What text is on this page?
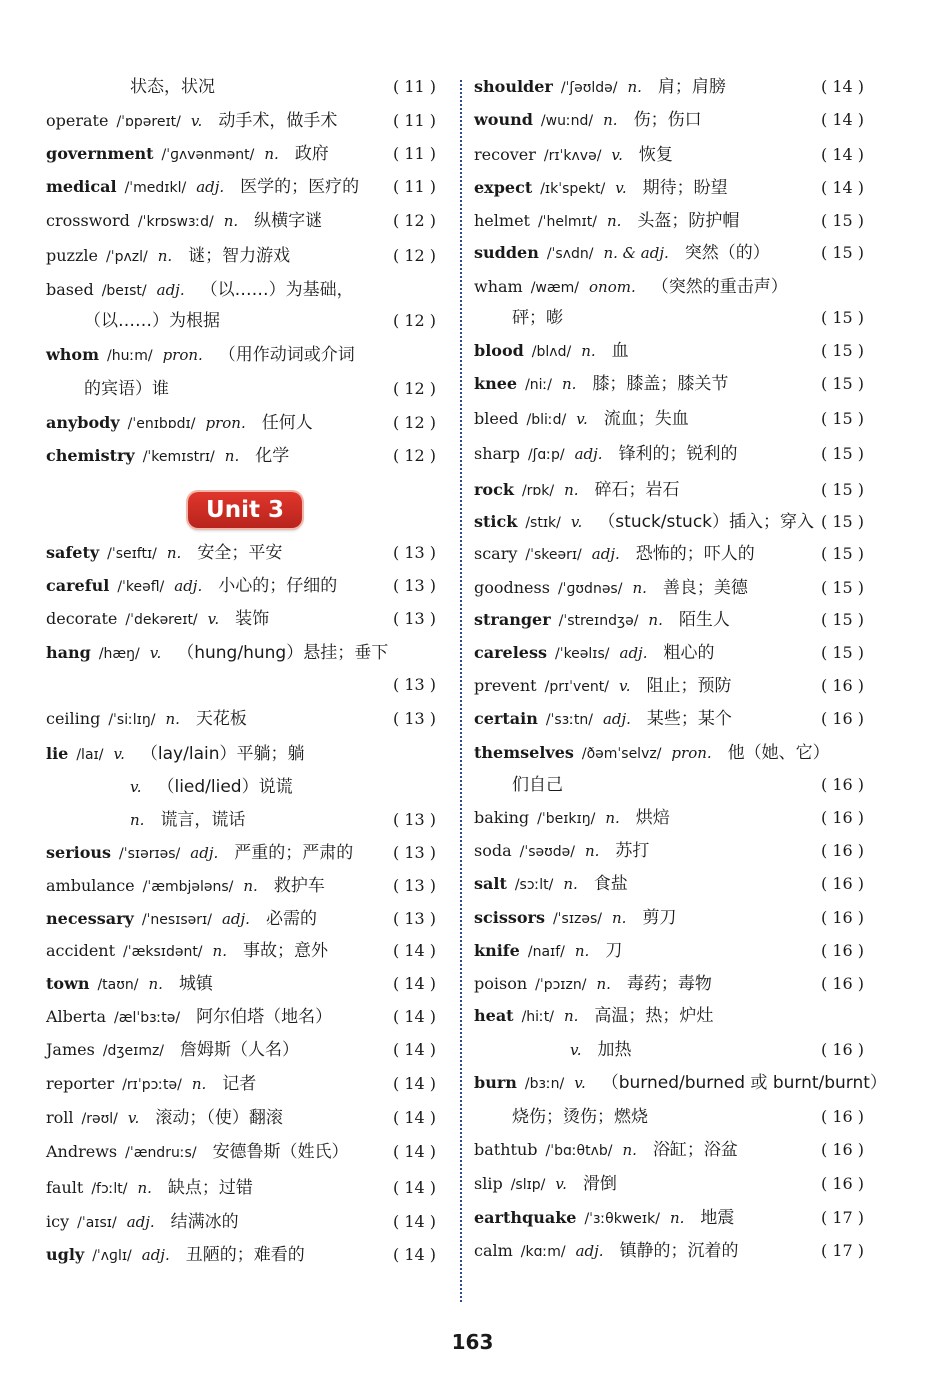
状态，状况	( 11 )
operate /ˈɒpəreɪt/ v. 动手术，做手术	( 11 )
government /ˈɡʌvənmənt/ n. 政府	( 11 )
medical /ˈmedɪkl/ adj. 医学的；医疗的 ( 11 )
crossword /ˈkrɒswɜːd/ n. 纵横字谜	( 12 )
puzzle /ˈpʌzl/ n. 谜；智力游戏	( 12 )
based /beɪst/ adj. （以……）为基础，
（以……）为根据	( 12 )
whom /huːm/ pron. （用作动词或介词
的宾语）谁	( 12 )
anybody /ˈenɪbɒdɪ/ pron. 任何人	( 12 )
chemistry /ˈkemɪstrɪ/ n. 化学	( 12 )
safety /ˈseɪftɪ/ n. 安全；平安	( 13 )
careful /ˈkeəfl/ adj. 小心的；仔细的	( 13 )
decorate /ˈdekəreɪt/ v. 装饰	( 13 )
hang /hæŋ/ v. （hung/hung）悬挂；垂下
( 13 )
ceiling /ˈsiːlɪŋ/ n. 天花板	( 13 )
lie /laɪ/ v. （lay/lain）平躺；躺
v. （lied/lied）说谎
n. 谎言，谎话	( 13 )
serious /ˈsɪərɪəs/ adj. 严重的；严肃的 ( 13 )
ambulance /ˈæmbjələns/ n. 救护车	( 13 )
necessary /ˈnesɪsərɪ/ adj. 必需的	( 13 )
accident /ˈæksɪdənt/ n. 事故；意外	( 14 )
town /taʊn/ n. 城镇	( 14 )
Alberta /ælˈbɜːtə/ 阿尔伯塔（地名）	( 14 )
James /dʒeɪmz/ 詹姆斯（人名）	( 14 )
reporter /rɪˈpɔːtə/ n. 记者	( 14 )
roll /rəʊl/ v. 滚动；（使）翻滚	( 14 )
Andrews /ˈændruːs/ 安德鲁斯（姓氏）	( 14 )
fault /fɔːlt/ n. 缺点；过错	( 14 )
icy /ˈaɪsɪ/ adj. 结满冰的	( 14 )
ugly /ˈʌɡlɪ/ adj. 丑陋的；难看的	( 14 )
shoulder /ˈʃəʊldə/ n. 肩；肩膀	( 14 )
wound /wuːnd/ n. 伤；伤口	( 14 )
recover /rɪˈkʌvə/ v. 恢复	( 14 )
expect /ɪkˈspekt/ v. 期待；盼望	( 14 )
helmet /ˈhelmɪt/ n. 头盔；防护帽	( 15 )
sudden /ˈsʌdn/ n. & adj. 突然（的）	( 15 )
wham /wæm/ onom. （突然的重击声）
砰；嘭	( 15 )
blood /blʌd/ n. 血	( 15 )
knee /niː/ n. 膝；膝盖；膝关节	( 15 )
bleed /bliːd/ v. 流血；失血	( 15 )
sharp /ʃɑːp/ adj. 锋利的；锐利的	( 15 )
rock /rɒk/ n. 碎石；岩石	( 15 )
stick /stɪk/ v. （stuck/stuck）插入；穿入 ( 15 )
scary /ˈskeərɪ/ adj. 恐怖的；吓人的	( 15 )
goodness /ˈɡʊdnəs/ n. 善良；美德	( 15 )
stranger /ˈstreɪndʒə/ n. 陌生人	( 15 )
careless /ˈkeəlɪs/ adj. 粗心的	( 15 )
prevent /prɪˈvent/ v. 阻止；预防	( 16 )
certain /ˈsɜːtn/ adj. 某些；某个	( 16 )
themselves /ðəmˈselvz/ pron. 他（她、它）
们自己	( 16 )
baking /ˈbeɪkɪŋ/ n. 烘焙	( 16 )
soda /ˈsəʊdə/ n. 苏打	( 16 )
salt /sɔːlt/ n. 食盐	( 16 )
scissors /ˈsɪzəs/ n. 剪刀	( 16 )
knife /naɪf/ n. 刀	( 16 )
poison /ˈpɔɪzn/ n. 毒药；毒物	( 16 )
heat /hiːt/ n. 高温；热；炉灶
v. 加热	( 16 )
burn /bɜːn/ v. （burned/burned 或 burnt/burnt）
烧伤；烫伤；燃烧	( 16 )
bathtub /ˈbɑːθtʌb/ n. 浴缸；浴盆	( 16 )
slip /slɪp/ v. 滑倒	( 16 )
earthquake /ˈɜːθkweɪk/ n. 地震	( 17 )
calm /kɑːm/ adj. 镇静的；沉着的	( 17 )
Unit 3
163
